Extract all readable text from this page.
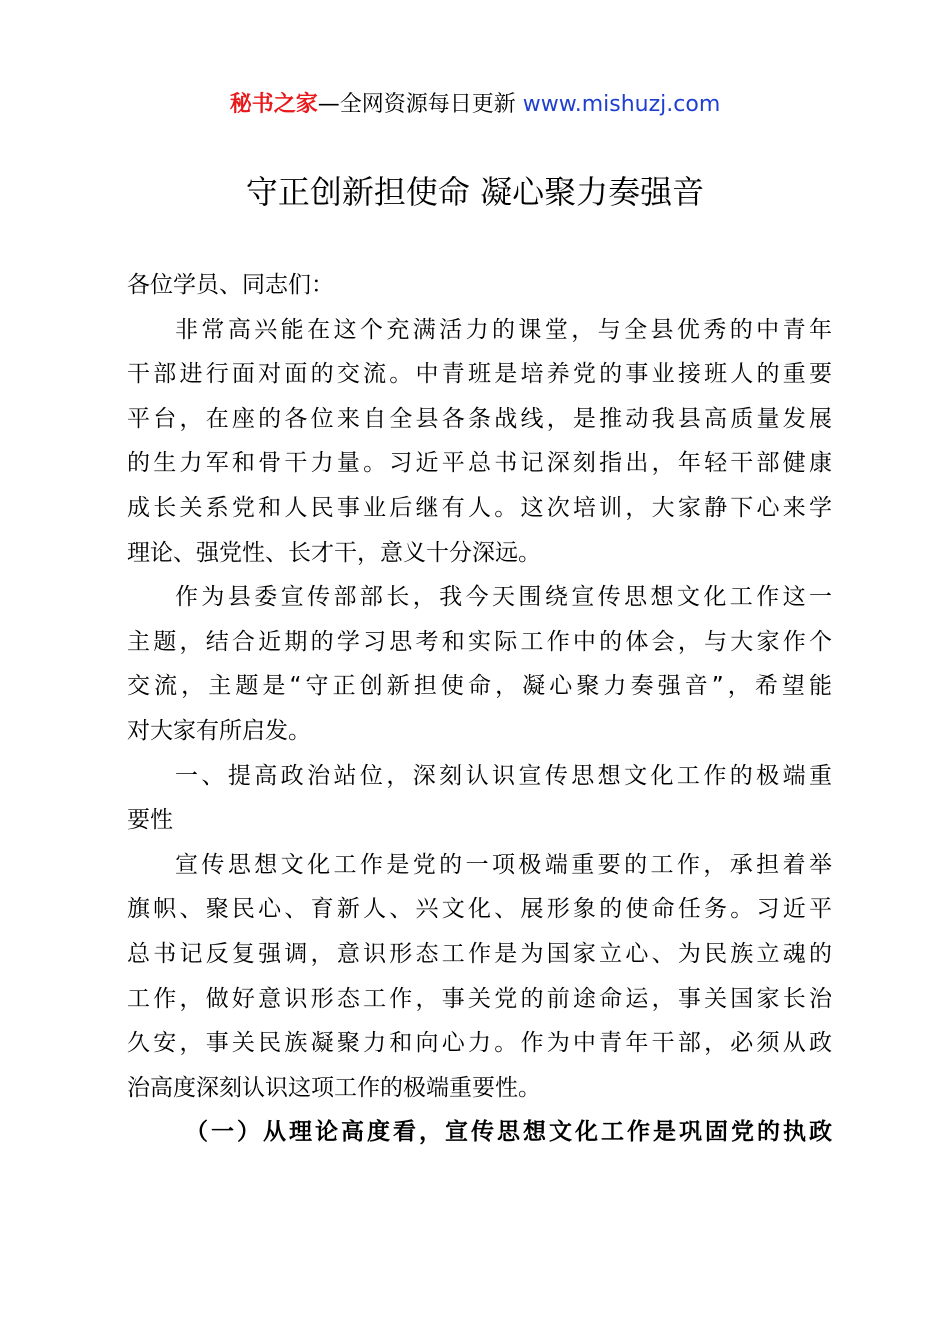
秘书之家—全网资源每日更新 www.mishuzj.com
守正创新担使命 凝心聚力奏强音
各位学员、同志们：
非常高兴能在这个充满活力的课堂，与全县优秀的中青年
干部进行面对面的交流。中青班是培养党的事业接班人的重要
平台，在座的各位来自全县各条战线，是推动我县高质量发展
的生力军和骨干力量。习近平总书记深刻指出，年轻干部健康
成长关系党和人民事业后继有人。这次培训，大家静下心来学
理论、强党性、长才干，意义十分深远。
作为县委宣传部部长，我今天围绕宣传思想文化工作这一
主题，结合近期的学习思考和实际工作中的体会，与大家作个
交流，主题是“守正创新担使命，凝心聚力奏强音”，希望能
对大家有所启发。
一、提高政治站位，深刻认识宣传思想文化工作的极端重
要性
宣传思想文化工作是党的一项极端重要的工作，承担着举
旗帜、聚民心、育新人、兴文化、展形象的使命任务。习近平
总书记反复强调，意识形态工作是为国家立心、为民族立魂的
工作，做好意识形态工作，事关党的前途命运，事关国家长治
久安，事关民族凝聚力和向心力。作为中青年干部，必须从政
治高度深刻认识这项工作的极端重要性。
（一）从理论高度看，宣传思想文化工作是巩固党的执政
